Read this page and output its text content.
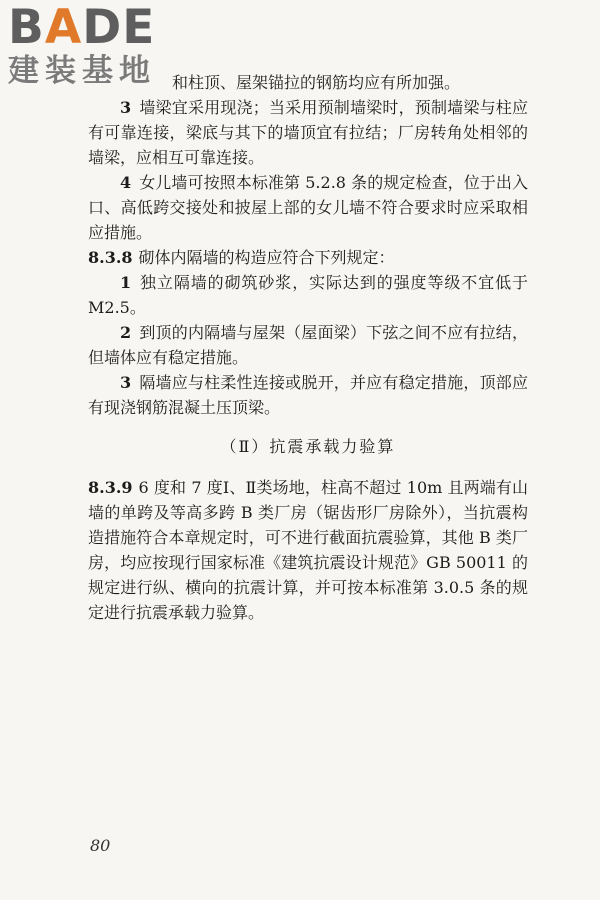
BADE
建装基地	和柱顶、屋架锚拉的钢筋均应有所加强。

3 墙梁宜采用现浇；当采用预制墙梁时，预制墙梁与柱应有可靠连接，梁底与其下的墙顶宜有拉结；厂房转角处相邻的墙梁，应相互可靠连接。

4 女儿墙可按照本标准第 5.2.8 条的规定检查，位于出入口、高低跨交接处和披屋上部的女儿墙不符合要求时应采取相应措施。

8.3.8 砌体内隔墙的构造应符合下列规定：

1 独立隔墙的砌筑砂浆，实际达到的强度等级不宜低于 M2.5。

2 到顶的内隔墙与屋架（屋面梁）下弦之间不应有拉结，但墙体应有稳定措施。

3 隔墙应与柱柔性连接或脱开，并应有稳定措施，顶部应有现浇钢筋混凝土压顶梁。

（Ⅱ）抗震承载力验算

8.3.9 6 度和 7 度Ⅰ、Ⅱ类场地，柱高不超过 10m 且两端有山墙的单跨及等高多跨 B 类厂房（锯齿形厂房除外），当抗震构造措施符合本章规定时，可不进行截面抗震验算，其他 B 类厂房，均应按现行国家标准《建筑抗震设计规范》GB 50011 的规定进行纵、横向的抗震计算，并可按本标准第 3.0.5 条的规定进行抗震承载力验算。

80
